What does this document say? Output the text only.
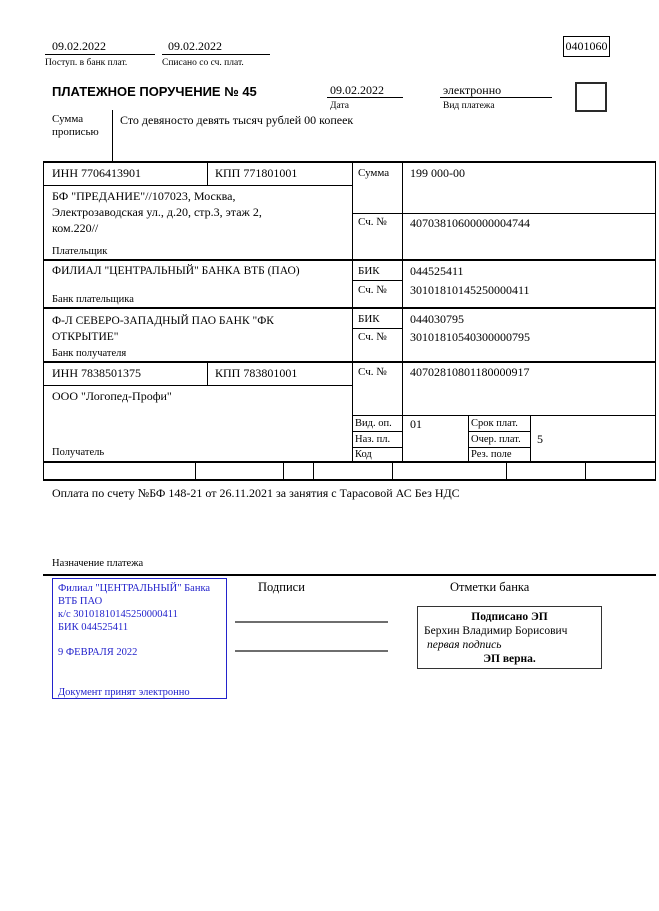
09.02.2022
Поступ. в банк плат.
09.02.2022
Списано со сч. плат.
0401060
ПЛАТЕЖНОЕ ПОРУЧЕНИЕ № 45	09.02.2022
Дата
электронно
Вид платежа
Сумма прописью
Сто девяносто девять тысяч рублей 00 копеек
ИНН 7706413901	КПП 771801001	Сумма 199 000-00
Сч. № 40703810600000004744
БФ "ПРЕДАНИЕ"//107023, Москва, Электрозаводская ул., д.20, стр.3, этаж 2, ком.220//
Плательщик
ФИЛИАЛ "ЦЕНТРАЛЬНЫЙ" БАНКА ВТБ (ПАО)	БИК	044525411
Сч. № 30101810145250000411
Банк плательщика
Ф-Л СЕВЕРО-ЗАПАДНЫЙ ПАО БАНК "ФК ОТКРЫТИЕ"
БИК	044030795
Сч. № 30101810540300000795
Банк получателя
ИНН 7838501375	КПП 783801001	Сч. № 40702810801180000917
ООО "Логопед-Профи"
Получатель
Вид. оп. 01	Срок плат.
Наз. пл.	Очер. плат. 5
Код	Рез. поле
Оплата по счету №БФ 148-21 от 26.11.2021 за занятия с Тарасовой АС Без НДС
Назначение платежа
Подписи	Отметки банка
Филиал "ЦЕНТРАЛЬНЫЙ" Банка
ВТБ ПАО
к/с 30101810145250000411
БИК 044525411
9 ФЕВРАЛЯ 2022
Документ принят электронно
Подписано ЭП
Берхин Владимир Борисович
первая подпись
ЭП верна.
